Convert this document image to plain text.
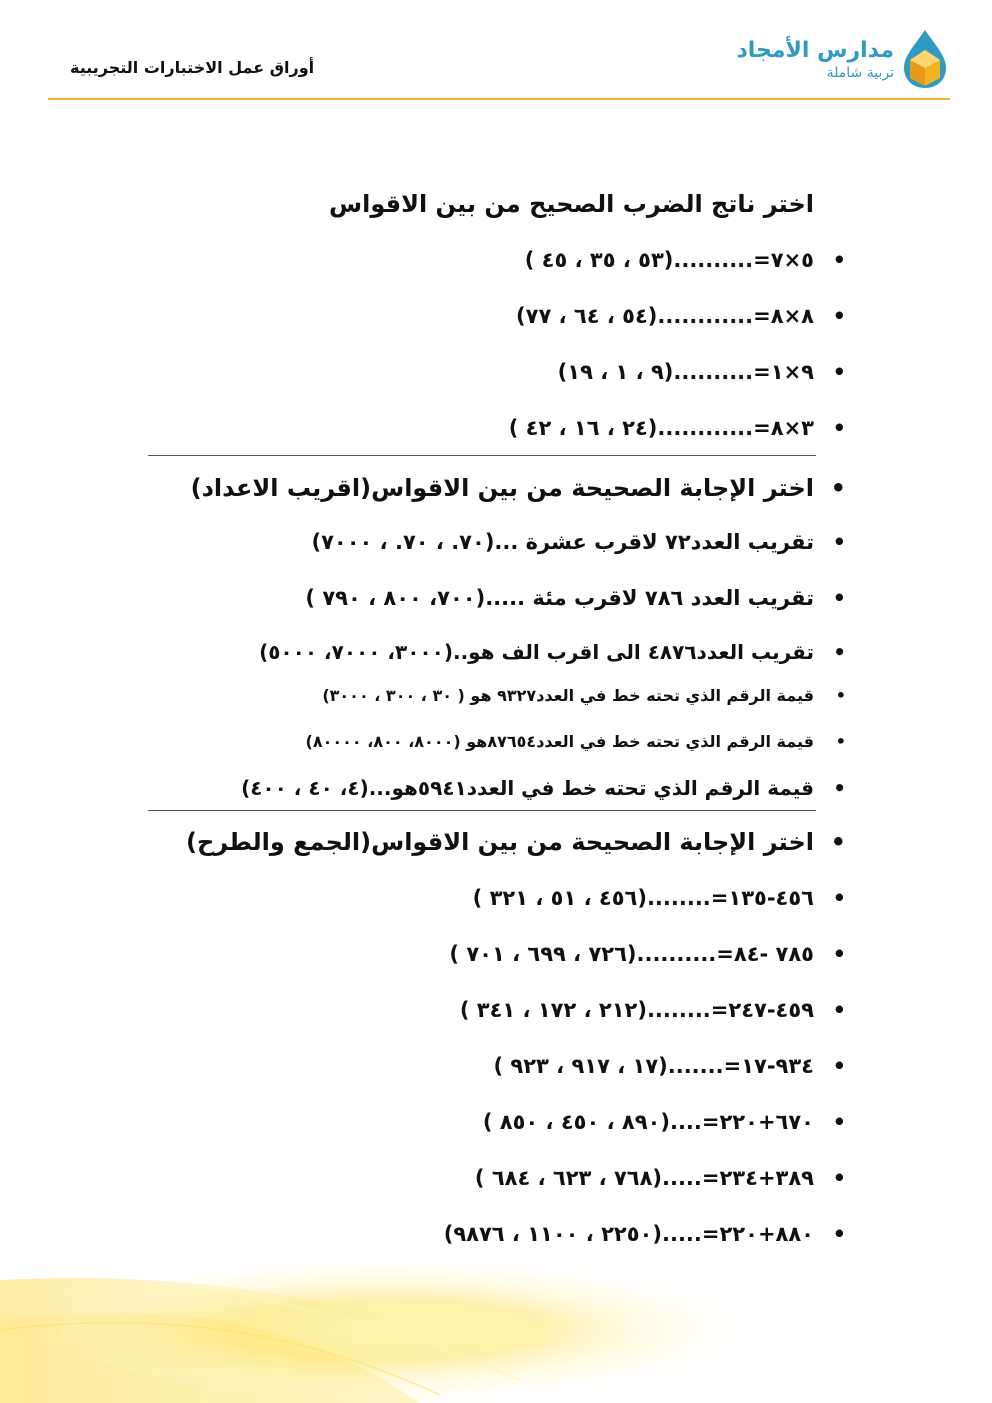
مدارس الأمجاد
تربية شاملة
أوراق عمل الاختبارات التجريبية
اختر ناتج الضرب الصحيح من بين الاقواس
• ٥×٧=..........(٥٣ ، ٣٥ ، ٤٥ )
• ٨×٨=............(٥٤ ، ٦٤ ، ٧٧)
• ٩×١=..........(٩ ، ١ ، ١٩)
• ٣×٨=............(٢٤ ، ١٦ ، ٤٢ )
• اختر الإجابة الصحيحة من بين الاقواس(اقريب الاعداد)
• تقريب العدد٧٢ لاقرب عشرة ...(٧٠. ، ٧٠. ، ٧٠٠٠)
• تقريب العدد ٧٨٦ لاقرب مئة .....(٧٠٠، ٨٠٠ ، ٧٩٠ )
• تقريب العدد٤٨٧٦ الى اقرب الف هو..(٣٠٠٠، ٧٠٠٠، ٥٠٠٠)
• قيمة الرقم الذي تحته خط في العدد٩٣٢٧ هو ( ٣٠ ، ٣٠٠ ، ٣٠٠٠)
• قيمة الرقم الذي تحته خط في العدد٨٧٦٥٤هو (٨٠٠٠، ٨٠٠، ٨٠٠٠٠)
• قيمة الرقم الذي تحته خط في العدد٥٩٤١هو...(٤، ٤٠ ، ٤٠٠)
• اختر الإجابة الصحيحة من بين الاقواس(الجمع والطرح)
• ٤٥٦-١٣٥=........(٤٥٦ ، ٥١ ، ٣٢١ )
• ٧٨٥ -٨٤=..........(٧٢٦ ، ٦٩٩ ، ٧٠١ )
• ٤٥٩-٢٤٧=........(٢١٢ ، ١٧٢ ، ٣٤١ )
• ٩٣٤-١٧=.......(١٧ ، ٩١٧ ، ٩٢٣ )
• ٦٧٠+٢٢٠=....(٨٩٠ ، ٤٥٠ ، ٨٥٠ )
• ٣٨٩+٢٣٤=.....(٧٦٨ ، ٦٢٣ ، ٦٨٤ )
• ٨٨٠+٢٢٠=.....(٢٢٥٠ ، ١١٠٠ ، ٩٨٧٦)
